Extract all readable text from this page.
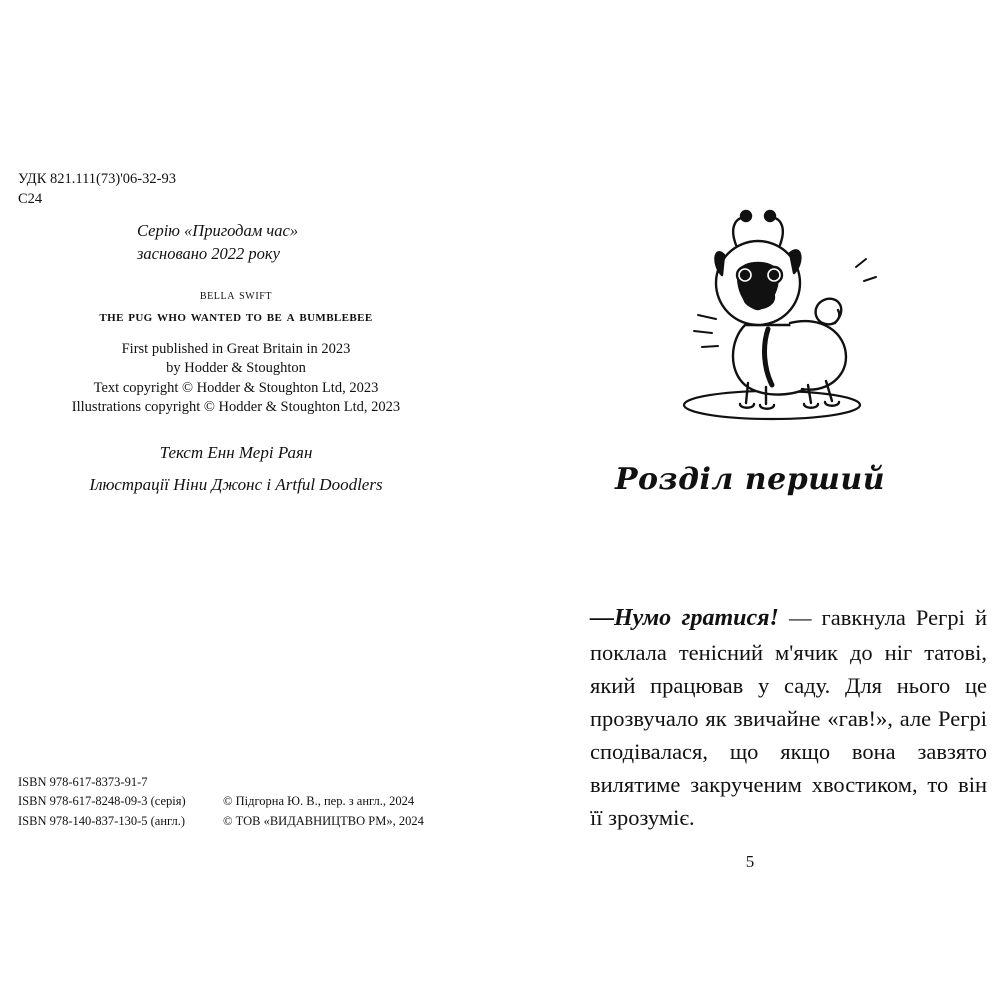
УДК 821.111(73)'06-32-93
С24
Серію «Пригодам час»
засновано 2022 року
bella swift
the pug who wanted to be a bumblebee
First published in Great Britain in 2023
by Hodder & Stoughton
Text copyright © Hodder & Stoughton Ltd, 2023
Illustrations copyright © Hodder & Stoughton Ltd, 2023
Текст Енн Мері Раян
Ілюстрації Ніни Джонс і Artful Doodlers
ISBN 978-617-8373-91-7
ISBN 978-617-8248-09-3 (серія)	© Підгорна Ю. В., пер. з англ., 2024
ISBN 978-140-837-130-5 (англ.)	© ТОВ «ВИДАВНИЦТВО РМ», 2024
Розділ перший

—Нумо гратися! — гавкнула Регрі й поклала тенісний м'ячик до ніг татові, який працював у саду. Для нього це прозвучало як звичайне «гав!», але Регрі сподівалася, що якщо вона завзято вилятиме закрученим хвостиком, то він її зрозуміє.

5
